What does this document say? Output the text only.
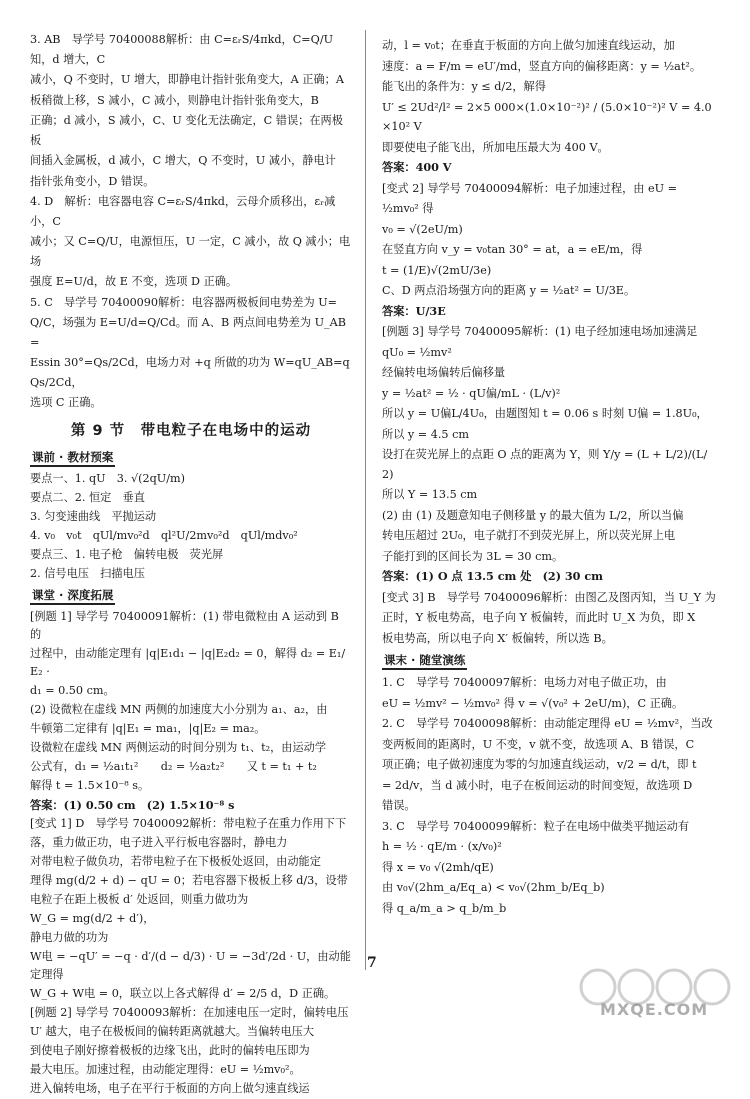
3. AB　导学号 70400088解析：由 C=εᵣS/4πkd，C=Q/U 知，d 增大，C

减小，Q 不变时，U 增大，即静电计指针张角变大，A 正确；A

板稍微上移，S 减小，C 减小，则静电计指针张角变大，B

正确；d 减小，S 减小，C、U 变化无法确定，C 错误；在两极板

间插入金属板，d 减小，C 增大，Q 不变时，U 减小，静电计

指针张角变小，D 错误。

4. D　解析：电容器电容 C=εᵣS/4πkd，云母介质移出，εᵣ减小，C

减小；又 C=Q/U，电源恒压，U 一定，C 减小，故 Q 减小；电场

强度 E=U/d，故 E 不变，选项 D 正确。

5. C　导学号 70400090解析：电容器两极板间电势差为 U=

Q/C，场强为 E=U/d=Q/Cd。而 A、B 两点间电势差为 U_AB=

Essin 30°=Qs/2Cd，电场力对 +q 所做的功为 W=qU_AB=qQs/2Cd，

选项 C 正确。

第 9 节　带电粒子在电场中的运动
课前 · 教材预案

要点一、1. qU　3. √(2qU/m)

要点二、2. 恒定　垂直

3. 匀变速曲线　平抛运动

4. v₀　v₀t　qUl/mv₀²d　ql²U/2mv₀²d　qUl/mdv₀²

要点三、1. 电子枪　偏转电极　荧光屏

2. 信号电压　扫描电压

课堂 · 深度拓展

[例题 1] 导学号 70400091解析：(1) 带电微粒由 A 运动到 B 的

过程中，由动能定理有 |q|E₁d₁ − |q|E₂d₂ = 0，解得 d₂ = E₁/E₂ ·

d₁ = 0.50 cm。

(2) 设微粒在虚线 MN 两侧的加速度大小分别为 a₁、a₂，由

牛顿第二定律有 |q|E₁ = ma₁，|q|E₂ = ma₂。

设微粒在虚线 MN 两侧运动的时间分别为 t₁、t₂，由运动学

公式有，d₁ = ½a₁t₁²　　d₂ = ½a₂t₂²　　又 t = t₁ + t₂

解得 t = 1.5×10⁻⁸ s。

答案：(1) 0.50 cm　(2) 1.5×10⁻⁸ s

[变式 1] D　导学号 70400092解析：带电粒子在重力作用下下

落，重力做正功，电子进入平行板电容器时，静电力

对带电粒子做负功，若带电粒子在下极板处返回，由动能定

理得 mg(d/2 + d) − qU = 0；若电容器下极板上移 d/3，设带

电粒子在距上极板 d′ 处返回，则重力做功为

W_G = mg(d/2 + d′)，

静电力做的功为

W电 = −qU′ = −q · d′/(d − d/3) · U = −3d′/2d · U，由动能定理得

W_G + W电 = 0，联立以上各式解得 d′ = 2/5 d，D 正确。

[例题 2] 导学号 70400093解析：在加速电压一定时，偏转电压

U′ 越大，电子在极板间的偏转距离就越大。当偏转电压大

到使电子刚好擦着极板的边缘飞出，此时的偏转电压即为

最大电压。加速过程，由动能定理得：eU = ½mv₀²。

进入偏转电场，电子在平行于板面的方向上做匀速直线运

动，l = v₀t；在垂直于板面的方向上做匀加速直线运动，加

速度：a = F/m = eU′/md，竖直方向的偏移距离：y = ½at²。

能飞出的条件为：y ≤ d/2，解得

U′ ≤ 2Ud²/l² = 2×5 000×(1.0×10⁻²)² / (5.0×10⁻²)² V = 4.0×10² V

即要使电子能飞出，所加电压最大为 400 V。

答案：400 V

[变式 2] 导学号 70400094解析：电子加速过程，由 eU =

½mv₀² 得

v₀ = √(2eU/m)

在竖直方向 v_y = v₀tan 30° = at，a = eE/m，得

t = (1/E)√(2mU/3e)

C、D 两点沿场强方向的距离 y = ½at² = U/3E。

答案：U/3E

[例题 3] 导学号 70400095解析：(1) 电子经加速电场加速满足

qU₀ = ½mv²

经偏转电场偏转后偏移量

y = ½at² = ½ · qU偏/mL · (L/v)²

所以 y = U偏L/4U₀，由题图知 t = 0.06 s 时刻 U偏 = 1.8U₀，

所以 y = 4.5 cm

设打在荧光屏上的点距 O 点的距离为 Y，则 Y/y = (L + L/2)/(L/2)

所以 Y = 13.5 cm

(2) 由 (1) 及题意知电子侧移量 y 的最大值为 L/2，所以当偏

转电压超过 2U₀，电子就打不到荧光屏上，所以荧光屏上电

子能打到的区间长为 3L = 30 cm。

答案：(1) O 点 13.5 cm 处　(2) 30 cm

[变式 3] B　导学号 70400096解析：由图乙及图丙知，当 U_Y 为

正时，Y 板电势高，电子向 Y 板偏转，而此时 U_X 为负，即 X

板电势高，所以电子向 X′ 板偏转，所以选 B。

课末 · 随堂演练

1. C　导学号 70400097解析：电场力对电子做正功，由

eU = ½mv² − ½mv₀² 得 v = √(v₀² + 2eU/m)，C 正确。

2. C　导学号 70400098解析：由动能定理得 eU = ½mv²，当改

变两板间的距离时，U 不变，v 就不变，故选项 A、B 错误，C

项正确；电子做初速度为零的匀加速直线运动，v/2 = d/t，即 t

= 2d/v，当 d 减小时，电子在板间运动的时间变短，故选项 D

错误。

3. C　导学号 70400099解析：粒子在电场中做类平抛运动有

h = ½ · qE/m · (x/v₀)²

得 x = v₀ √(2mh/qE)

由 v₀√(2hm_a/Eq_a) < v₀√(2hm_b/Eq_b)

得 q_a/m_a > q_b/m_b

7
MXQE.COM
